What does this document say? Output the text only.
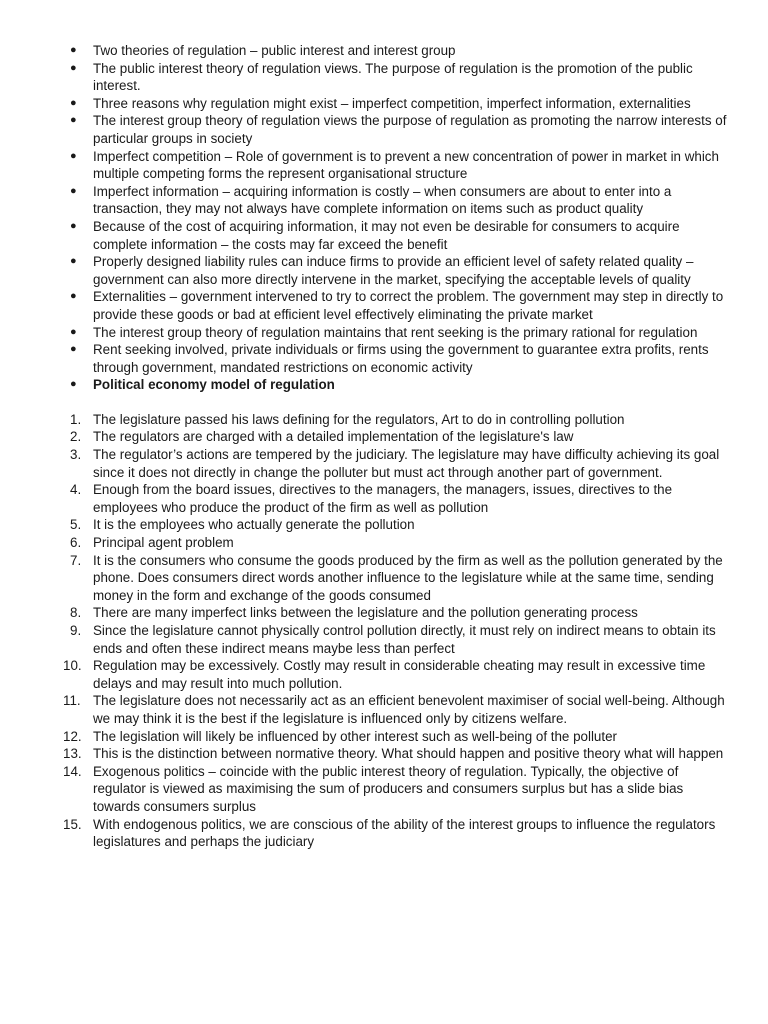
● Two theories of regulation – public interest and interest group
● The public interest theory of regulation views. The purpose of regulation is the promotion of the public interest.
● Three reasons why regulation might exist – imperfect competition, imperfect information, externalities
● The interest group theory of regulation views the purpose of regulation as promoting the narrow interests of particular groups in society
● Imperfect competition – Role of government is to prevent a new concentration of power in market in which multiple competing forms the represent organisational structure
● Imperfect information – acquiring information is costly – when consumers are about to enter into a transaction, they may not always have complete information on items such as product quality
● Because of the cost of acquiring information, it may not even be desirable for consumers to acquire complete information – the costs may far exceed the benefit
● Properly designed liability rules can induce firms to provide an efficient level of safety related quality – government can also more directly intervene in the market, specifying the acceptable levels of quality
● Externalities – government intervened to try to correct the problem. The government may step in directly to provide these goods or bad at efficient level effectively eliminating the private market
● The interest group theory of regulation maintains that rent seeking is the primary rational for regulation
● Rent seeking involved, private individuals or firms using the government to guarantee extra profits, rents through government, mandated restrictions on economic activity
● Political economy model of regulation
1. The legislature passed his laws defining for the regulators, Art to do in controlling pollution
2. The regulators are charged with a detailed implementation of the legislature's law
3. The regulator’s actions are tempered by the judiciary. The legislature may have difficulty achieving its goal since it does not directly in change the polluter but must act through another part of government.
4. Enough from the board issues, directives to the managers, the managers, issues, directives to the employees who produce the product of the firm as well as pollution
5. It is the employees who actually generate the pollution
6. Principal agent problem
7. It is the consumers who consume the goods produced by the firm as well as the pollution generated by the phone. Does consumers direct words another influence to the legislature while at the same time, sending money in the form and exchange of the goods consumed
8. There are many imperfect links between the legislature and the pollution generating process
9. Since the legislature cannot physically control pollution directly, it must rely on indirect means to obtain its ends and often these indirect means maybe less than perfect
10. Regulation may be excessively. Costly may result in considerable cheating may result in excessive time delays and may result into much pollution.
11. The legislature does not necessarily act as an efficient benevolent maximiser of social well-being. Although we may think it is the best if the legislature is influenced only by citizens welfare.
12. The legislation will likely be influenced by other interest such as well-being of the polluter
13. This is the distinction between normative theory. What should happen and positive theory what will happen
14. Exogenous politics – coincide with the public interest theory of regulation. Typically, the objective of regulator is viewed as maximising the sum of producers and consumers surplus but has a slide bias towards consumers surplus
15. With endogenous politics, we are conscious of the ability of the interest groups to influence the regulators legislatures and perhaps the judiciary
